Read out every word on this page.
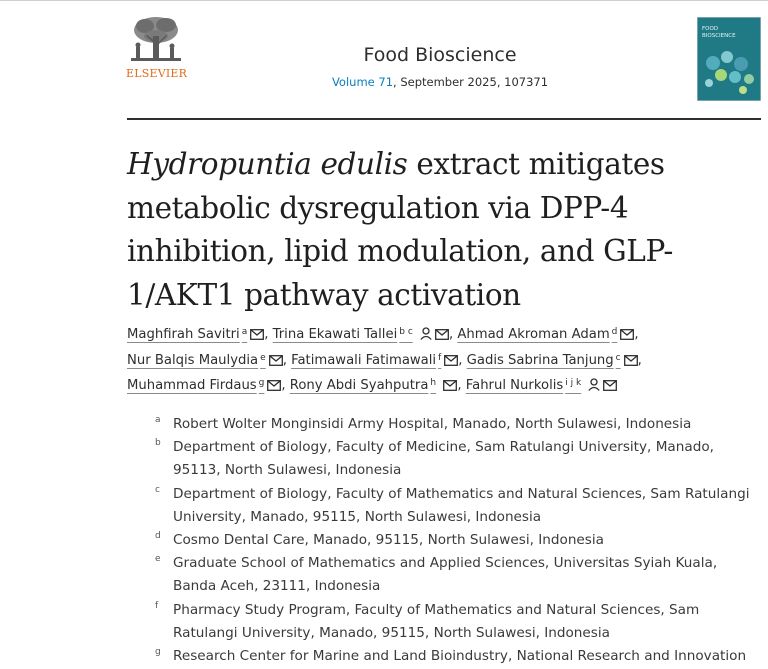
ELSEVIER
Food Bioscience
Volume 71, September 2025, 107371
FOOD
BIOSCIENCE
Hydropuntia edulis extract mitigates metabolic dysregulation via DPP-4 inhibition, lipid modulation, and GLP-1/AKT1 pathway activation
Maghfirah Savitri $^a$ , Trina Ekawati Tallei $^{b c}$	, Ahmad Akroman Adam $^d$ ,
Nur Balqis Maulydia $^e$ , Fatimawali Fatimawali $^f$ , Gadis Sabrina Tanjung $^c$ ,
Muhammad Firdaus $^g$ , Rony Abdi Syahputra $^h$ , Fahrul Nurkolis $^{i j k}$
a Robert Wolter Monginsidi Army Hospital, Manado, North Sulawesi, Indonesia
b Department of Biology, Faculty of Medicine, Sam Ratulangi University, Manado, 95113, North Sulawesi, Indonesia
c Department of Biology, Faculty of Mathematics and Natural Sciences, Sam Ratulangi University, Manado, 95115, North Sulawesi, Indonesia
d Cosmo Dental Care, Manado, 95115, North Sulawesi, Indonesia
e Graduate School of Mathematics and Applied Sciences, Universitas Syiah Kuala, Banda Aceh, 23111, Indonesia
f Pharmacy Study Program, Faculty of Mathematics and Natural Sciences, Sam Ratulangi University, Manado, 95115, North Sulawesi, Indonesia
g Research Center for Marine and Land Bioindustry, National Research and Innovation
